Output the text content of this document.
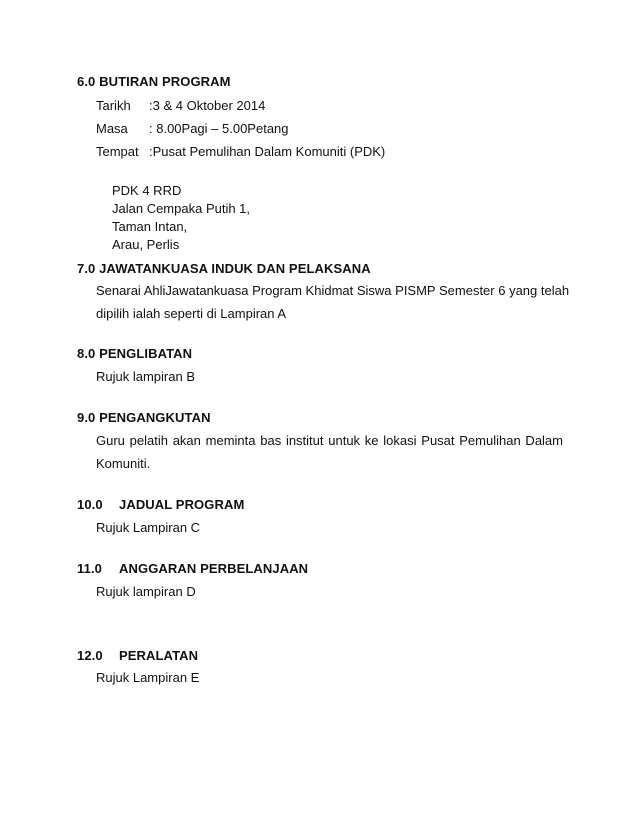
6.0 BUTIRAN PROGRAM
Tarikh :3 & 4 Oktober 2014
Masa : 8.00Pagi – 5.00Petang
Tempat :Pusat Pemulihan Dalam Komuniti (PDK)
PDK 4 RRD
Jalan Cempaka Putih 1,
Taman Intan,
Arau, Perlis
7.0 JAWATANKUASA INDUK DAN PELAKSANA
Senarai AhliJawatankuasa Program Khidmat Siswa PISMP Semester 6 yang telah
dipilih ialah seperti di Lampiran A
8.0 PENGLIBATAN
Rujuk lampiran B
9.0 PENGANGKUTAN
Guru pelatih akan meminta bas institut untuk ke lokasi Pusat Pemulihan Dalam
Komuniti.
10.0 JADUAL PROGRAM
Rujuk Lampiran C
11.0 ANGGARAN PERBELANJAAN
Rujuk lampiran D
12.0 PERALATAN
Rujuk Lampiran E
